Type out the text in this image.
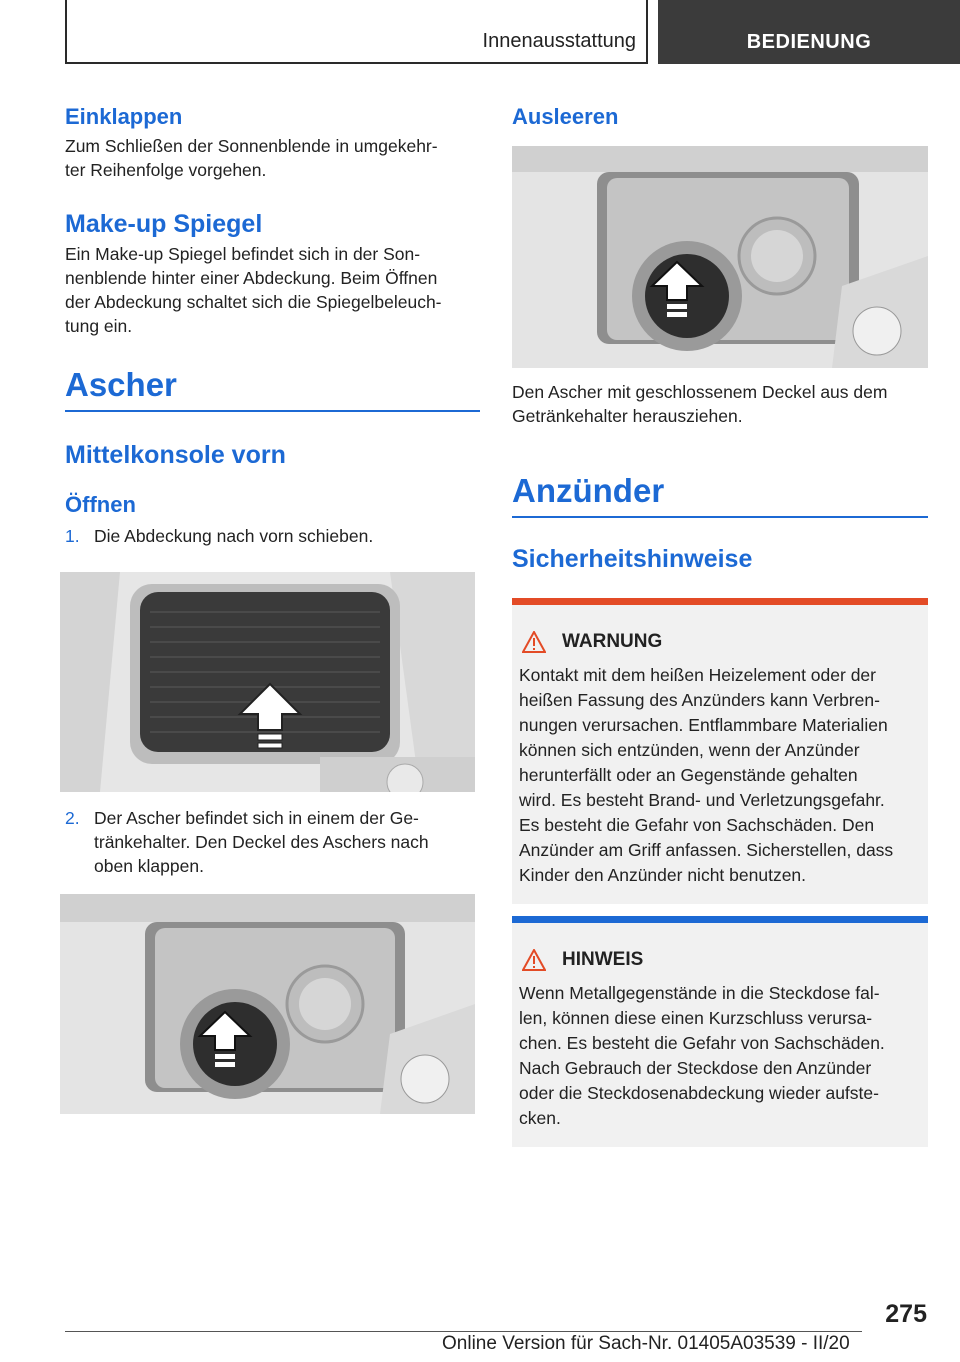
Innenausstattung	BEDIENUNG
Einklappen
Zum Schließen der Sonnenblende in umgekehr-
ter Reihenfolge vorgehen.
Make-up Spiegel
Ein Make-up Spiegel befindet sich in der Son-
nenblende hinter einer Abdeckung. Beim Öffnen
der Abdeckung schaltet sich die Spiegelbeleuch-
tung ein.
Ascher
Mittelkonsole vorn
Öffnen
1. Die Abdeckung nach vorn schieben.
2. Der Ascher befindet sich in einem der Ge-
tränkehalter. Den Deckel des Aschers nach
oben klappen.
Ausleeren
Den Ascher mit geschlossenem Deckel aus dem
Getränkehalter herausziehen.
Anzünder
Sicherheitshinweise
WARNUNG
Kontakt mit dem heißen Heizelement oder der
heißen Fassung des Anzünders kann Verbren-
nungen verursachen. Entflammbare Materialien
können sich entzünden, wenn der Anzünder
herunterfällt oder an Gegenstände gehalten
wird. Es besteht Brand- und Verletzungsgefahr.
Es besteht die Gefahr von Sachschäden. Den
Anzünder am Griff anfassen. Sicherstellen, dass
Kinder den Anzünder nicht benutzen.
HINWEIS
Wenn Metallgegenstände in die Steckdose fal-
len, können diese einen Kurzschluss verursa-
chen. Es besteht die Gefahr von Sachschäden.
Nach Gebrauch der Steckdose den Anzünder
oder die Steckdosenabdeckung wieder aufste-
cken.
275
Online Version für Sach-Nr. 01405A03539 - II/20
